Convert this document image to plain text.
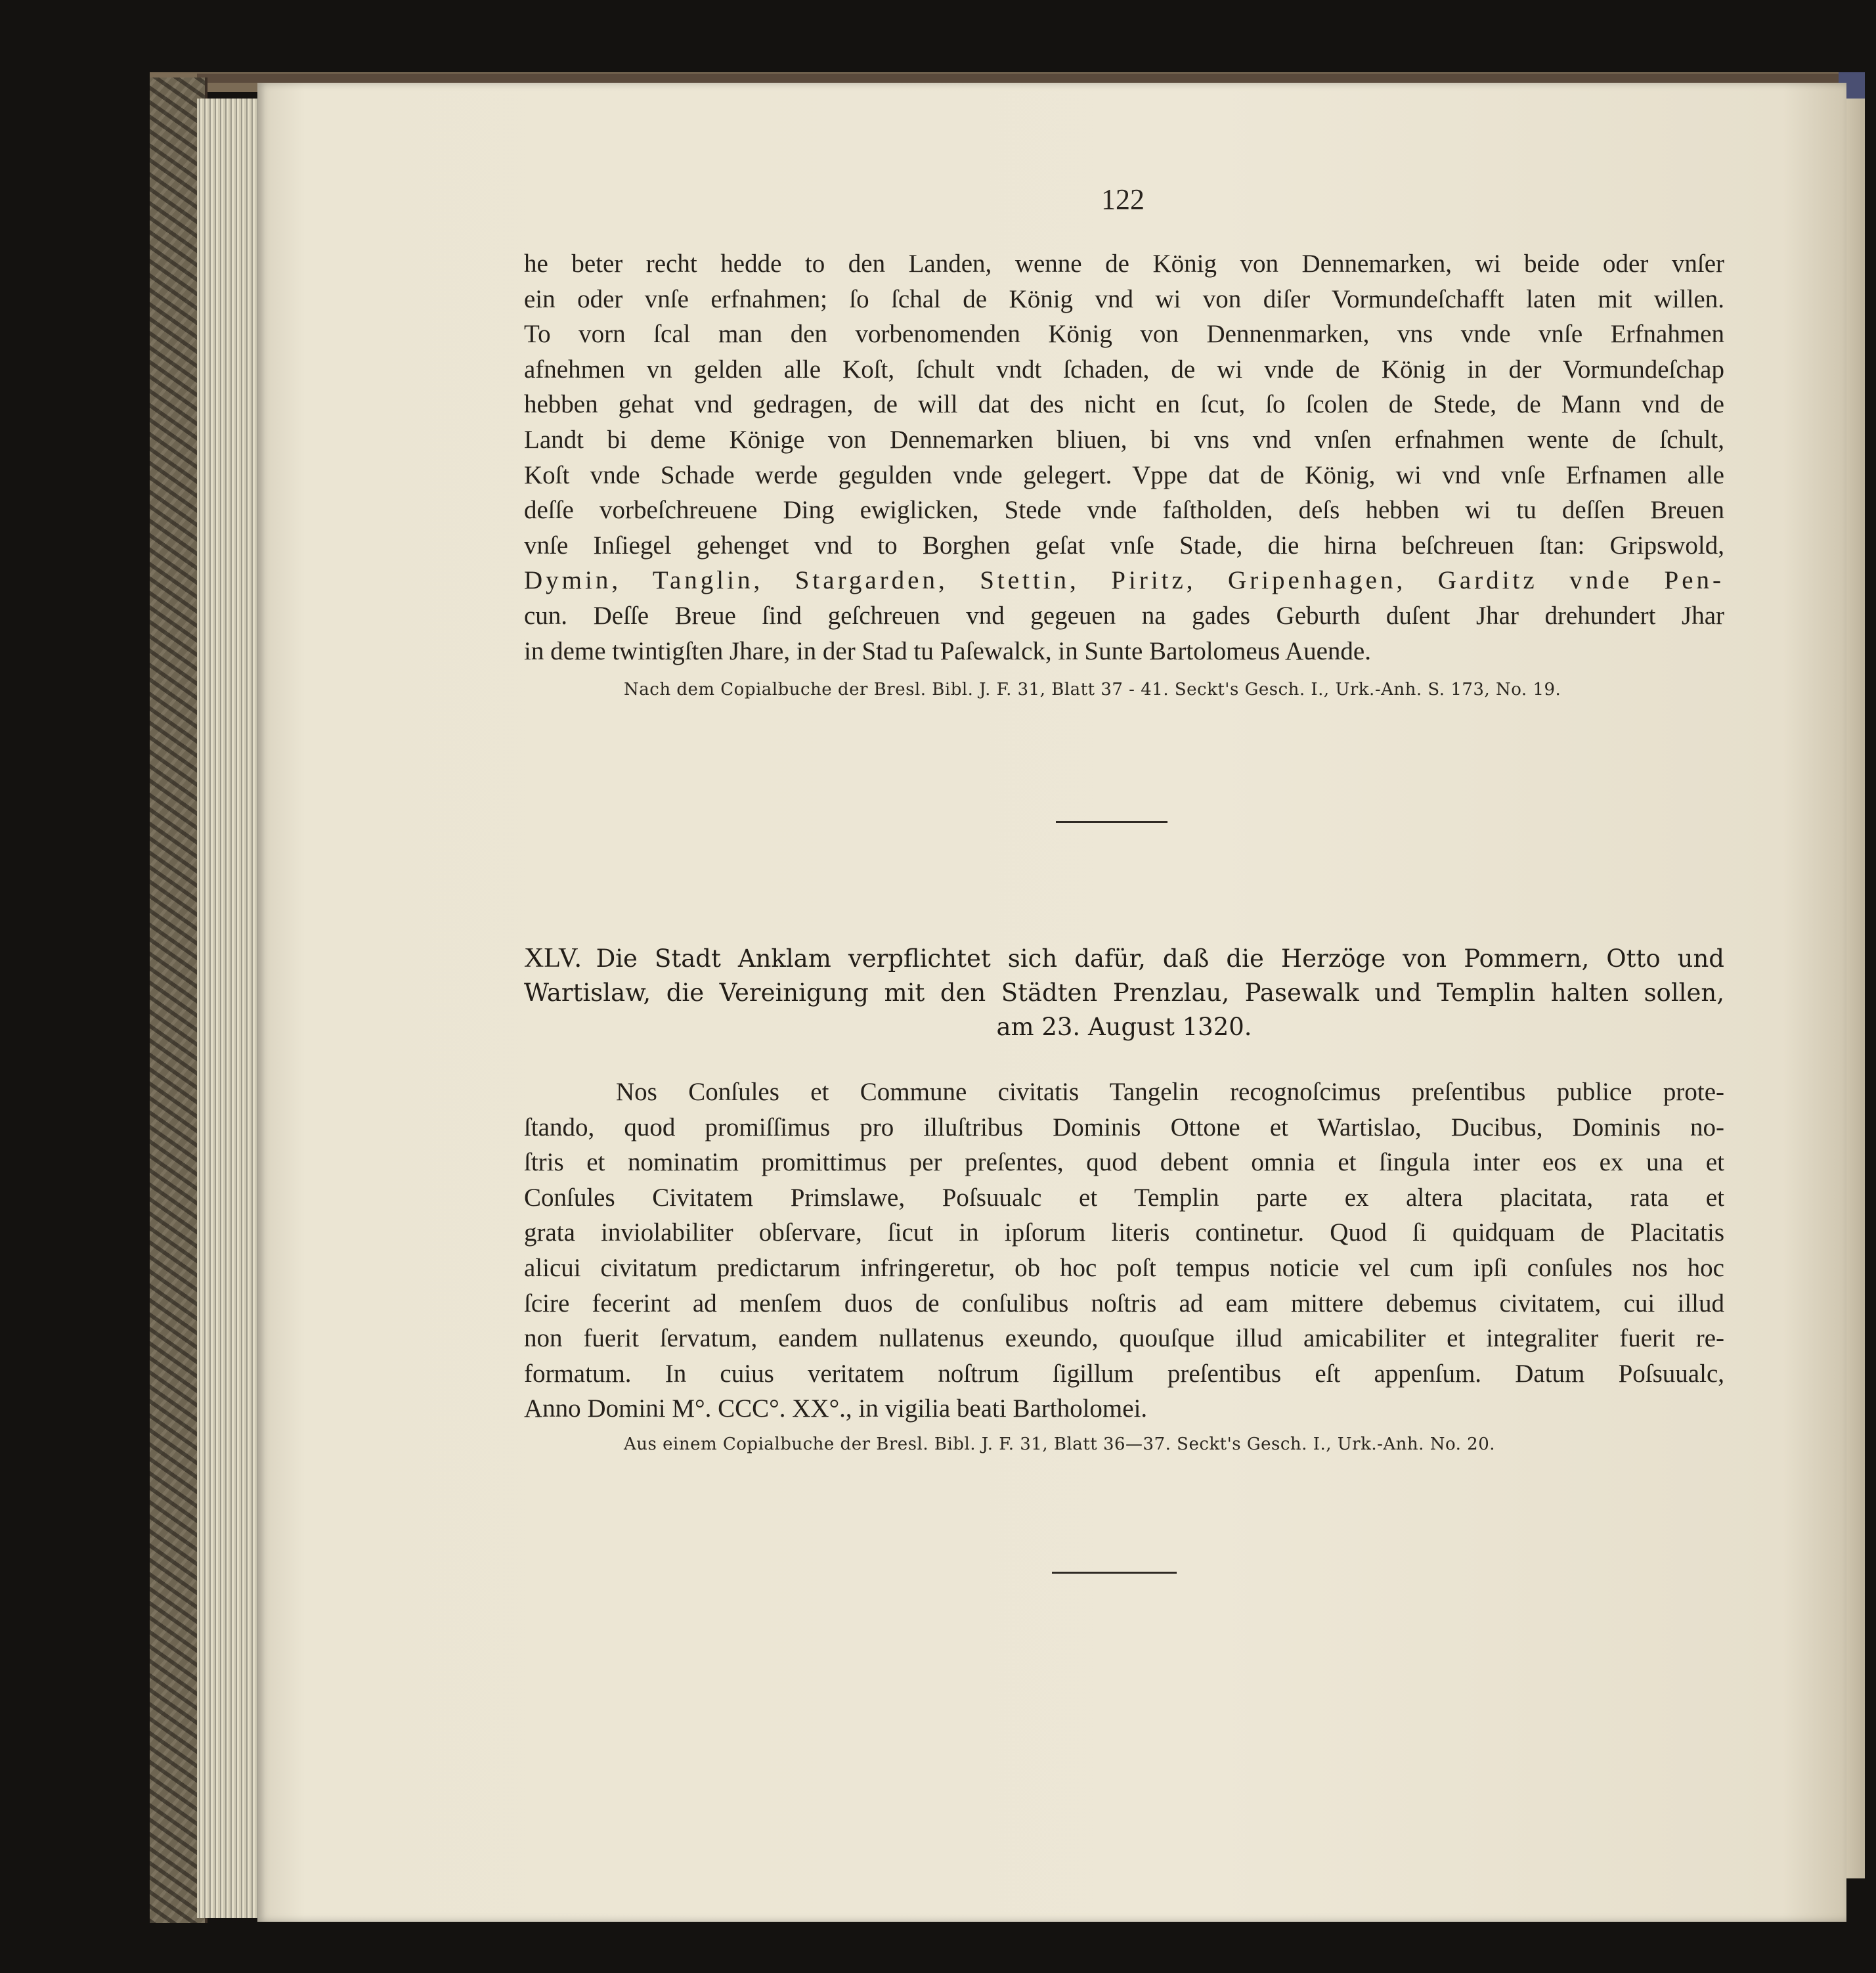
122
he beter recht hedde to den Landen, wenne de König von Dennemarken, wi beide oder vnſer
ein oder vnſe erfnahmen; ſo ſchal de König vnd wi von diſer Vormundeſchafft laten mit willen.
To vorn ſcal man den vorbenomenden König von Dennenmarken, vns vnde vnſe Erfnahmen
afnehmen vn gelden alle Koſt, ſchult vndt ſchaden, de wi vnde de König in der Vormundeſchap
hebben gehat vnd gedragen, de will dat des nicht en ſcut, ſo ſcolen de Stede, de Mann vnd de
Landt bi deme Könige von Dennemarken bliuen, bi vns vnd vnſen erfnahmen wente de ſchult,
Koſt vnde Schade werde gegulden vnde gelegert. Vppe dat de König, wi vnd vnſe Erfnamen alle
deſſe vorbeſchreuene Ding ewiglicken, Stede vnde faſtholden, deſs hebben wi tu deſſen Breuen
vnſe Inſiegel gehenget vnd to Borghen geſat vnſe Stade, die hirna beſchreuen ſtan: Gripswold,
Dymin, Tanglin, Stargarden, Stettin, Piritz, Gripenhagen, Garditz vnde Pen-
cun. Deſſe Breue ſind geſchreuen vnd gegeuen na gades Geburth duſent Jhar drehundert Jhar
in deme twintigſten Jhare, in der Stad tu Paſewalck, in Sunte Bartolomeus Auende.
Nach dem Copialbuche der Bresl. Bibl. J. F. 31, Blatt 37 - 41. Seckt's Gesch. I., Urk.-Anh. S. 173, No. 19.
XLV. Die Stadt Anklam verpflichtet sich dafür, daß die Herzöge von Pommern, Otto und
Wartislaw, die Vereinigung mit den Städten Prenzlau, Pasewalk und Templin halten sollen,
am 23. August 1320.
Nos Conſules et Commune civitatis Tangelin recognoſcimus preſentibus publice prote-
ſtando, quod promiſſimus pro illuſtribus Dominis Ottone et Wartislao, Ducibus, Dominis no-
ſtris et nominatim promittimus per preſentes, quod debent omnia et ſingula inter eos ex una et
Conſules Civitatem Primslawe, Poſsuualc et Templin parte ex altera placitata, rata et
grata inviolabiliter obſervare, ſicut in ipſorum literis continetur. Quod ſi quidquam de Placitatis
alicui civitatum predictarum infringeretur, ob hoc poſt tempus noticie vel cum ipſi conſules nos hoc
ſcire fecerint ad menſem duos de conſulibus noſtris ad eam mittere debemus civitatem, cui illud
non fuerit ſervatum, eandem nullatenus exeundo, quouſque illud amicabiliter et integraliter fuerit re-
formatum. In cuius veritatem noſtrum ſigillum preſentibus eſt appenſum. Datum Poſsuualc,
Anno Domini M°. CCC°. XX°., in vigilia beati Bartholomei.
Aus einem Copialbuche der Bresl. Bibl. J. F. 31, Blatt 36—37. Seckt's Gesch. I., Urk.-Anh. No. 20.
